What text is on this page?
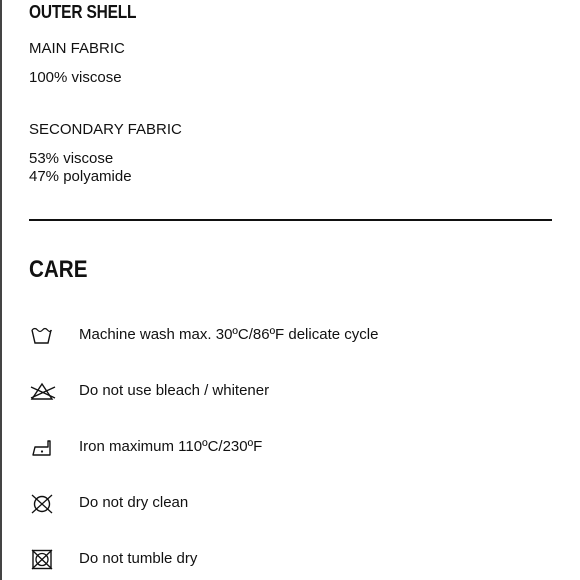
OUTER SHELL

MAIN FABRIC

100% viscose

SECONDARY FABRIC

53% viscose

47% polyamide

CARE

Machine wash max. 30ºC/86ºF delicate cycle

Do not use bleach / whitener

Iron maximum 110ºC/230ºF

Do not dry clean

Do not tumble dry
